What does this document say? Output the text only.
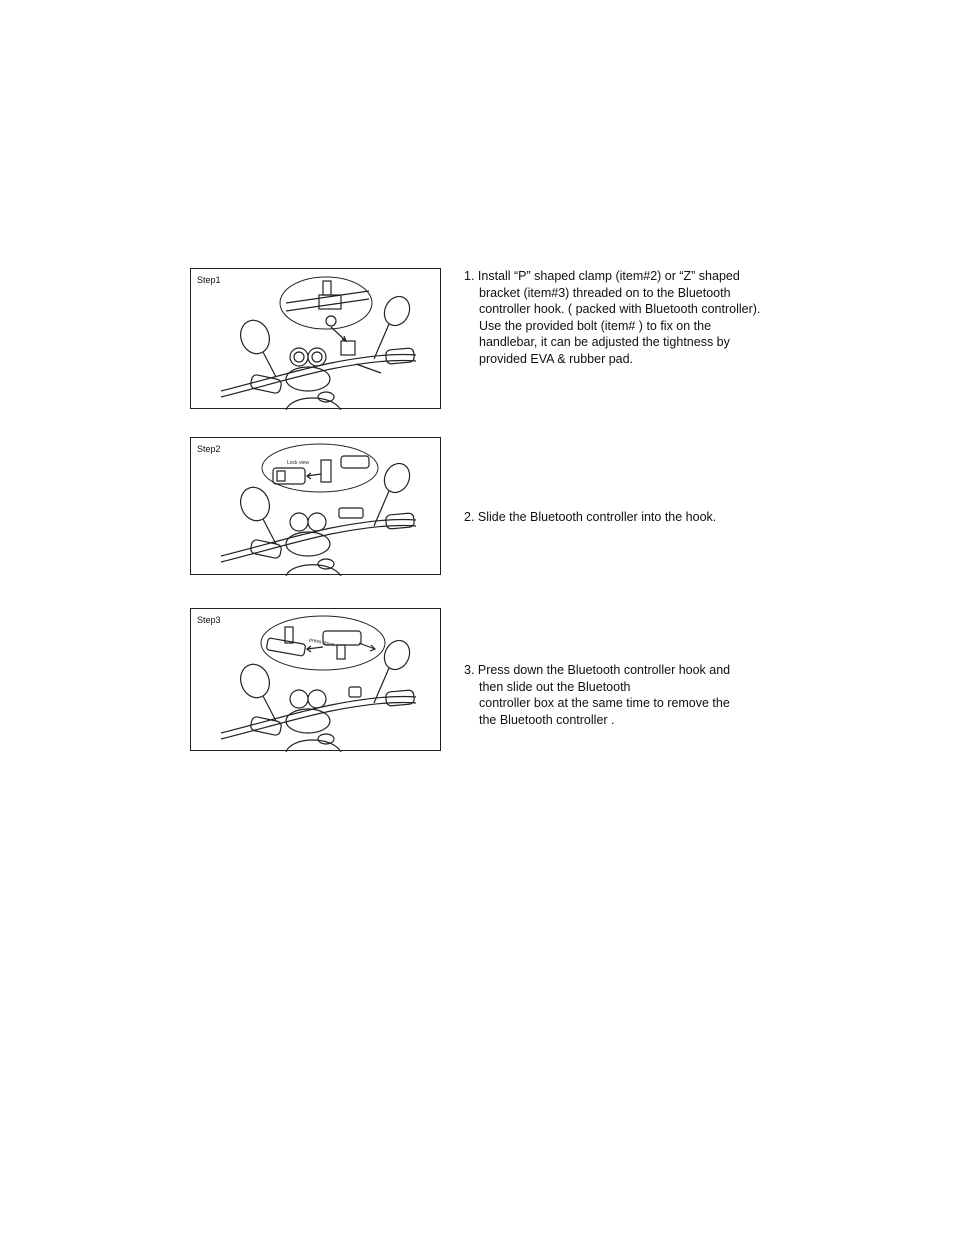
Step1	1. Install “P” shaped clamp (item#2) or “Z” shaped
bracket (item#3) threaded on to the Bluetooth
controller hook. ( packed with Bluetooth controller).
Use the provided bolt (item# ) to fix on the
handlebar, it can be adjusted the tightness by
provided EVA & rubber pad.
Step2
Lock view
2. Slide the Bluetooth controller into the hook.
Step3
press down
3. Press down the Bluetooth controller hook and
then slide out the Bluetooth
controller box at the same time to remove the
the Bluetooth controller .
